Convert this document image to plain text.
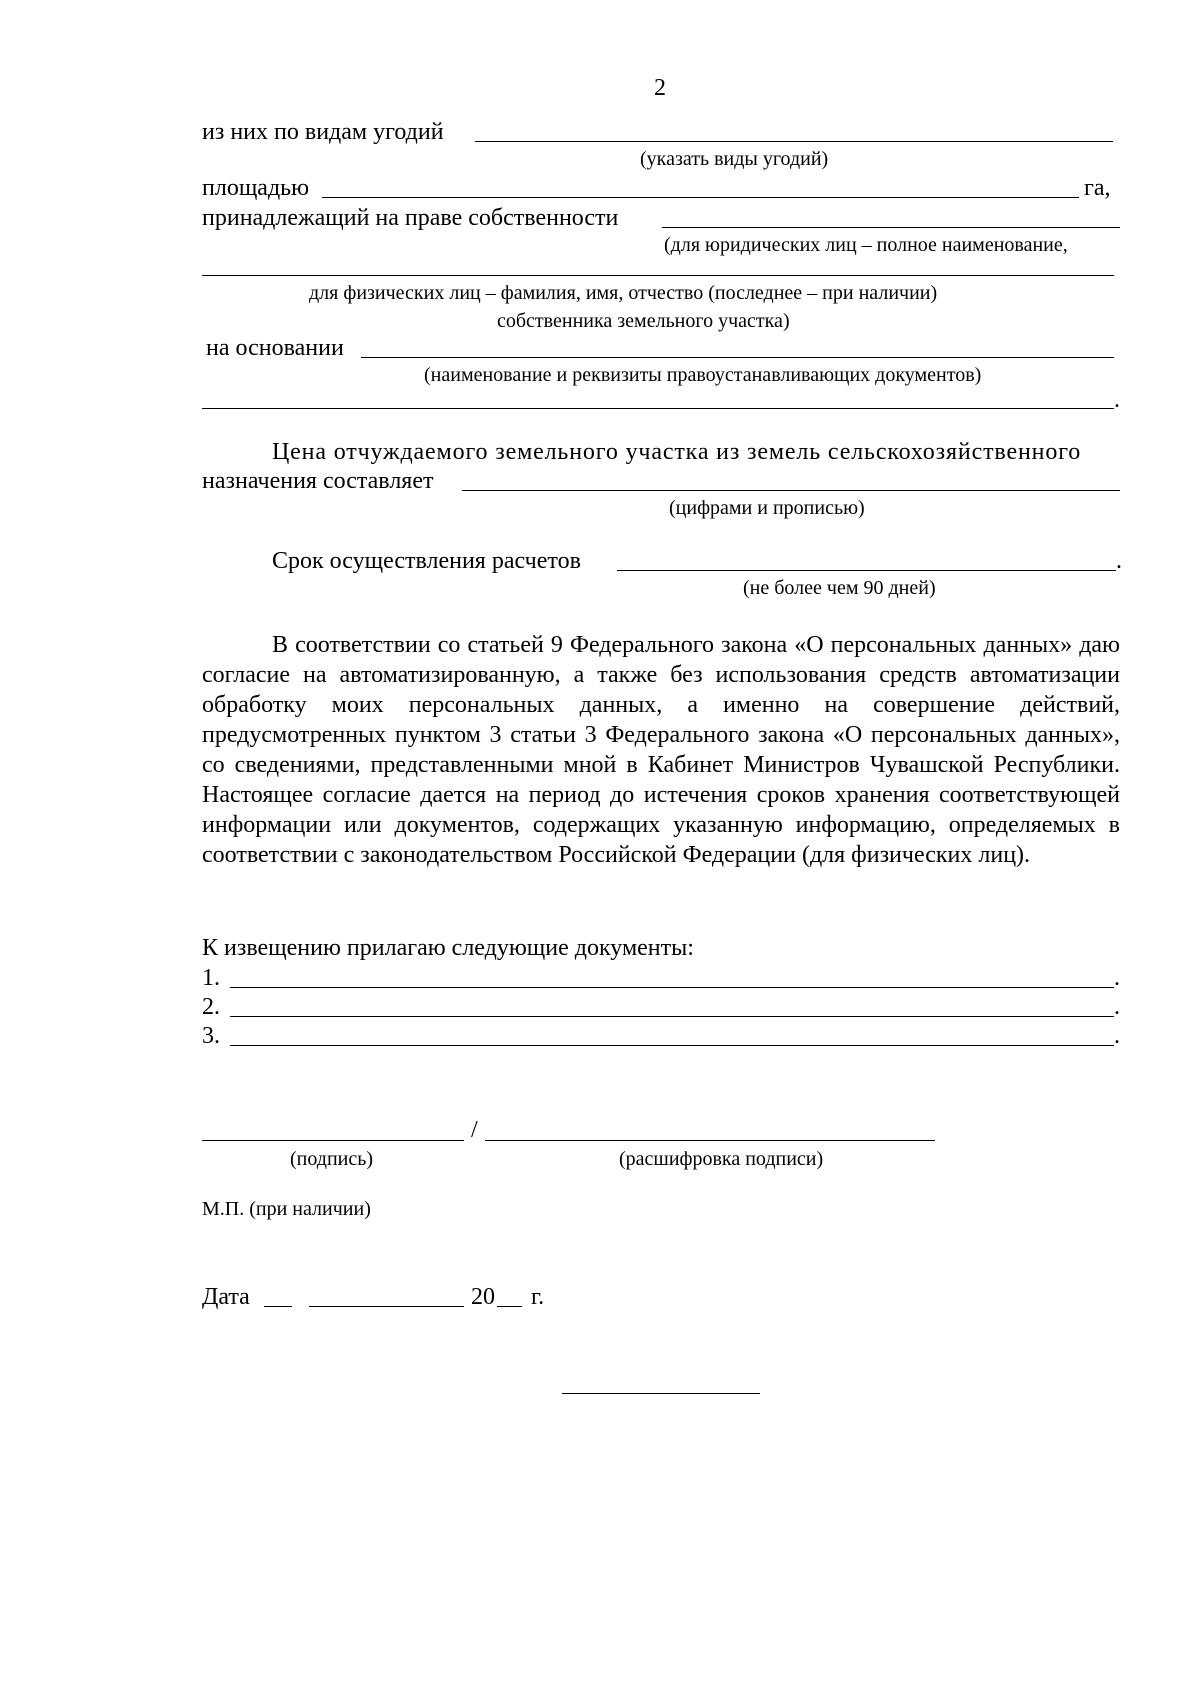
2
из них по видам угодий
(указать виды угодий)
площадью	га,
принадлежащий на праве собственности
(для юридических лиц – полное наименование,
для физических лиц – фамилия, имя, отчество (последнее – при наличии)
собственника земельного участка)
на основании
(наименование и реквизиты правоустанавливающих документов)
.
Цена отчуждаемого земельного участка из земель сельскохозяйственного
назначения составляет
(цифрами и прописью)
Срок осуществления расчетов	.
(не более чем 90 дней)
В соответствии со статьей 9 Федерального закона «О персональных данных» даю согласие на автоматизированную, а также без использования средств автоматизации обработку моих персональных данных, а именно на совершение действий, предусмотренных пунктом 3 статьи 3 Федерального закона «О персональных данных», со сведениями, представленными мной в Кабинет Министров Чувашской Республики. Настоящее согласие дается на период до истечения сроков хранения соответствующей информации или документов, содержащих указанную информацию, определяемых в соответствии с законодательством Российской Федерации (для физических лиц).
К извещению прилагаю следующие документы:
1.	.
2.	.
3.	.
/
(подпись)	(расшифровка подписи)
М.П. (при наличии)
Дата	20 г.
